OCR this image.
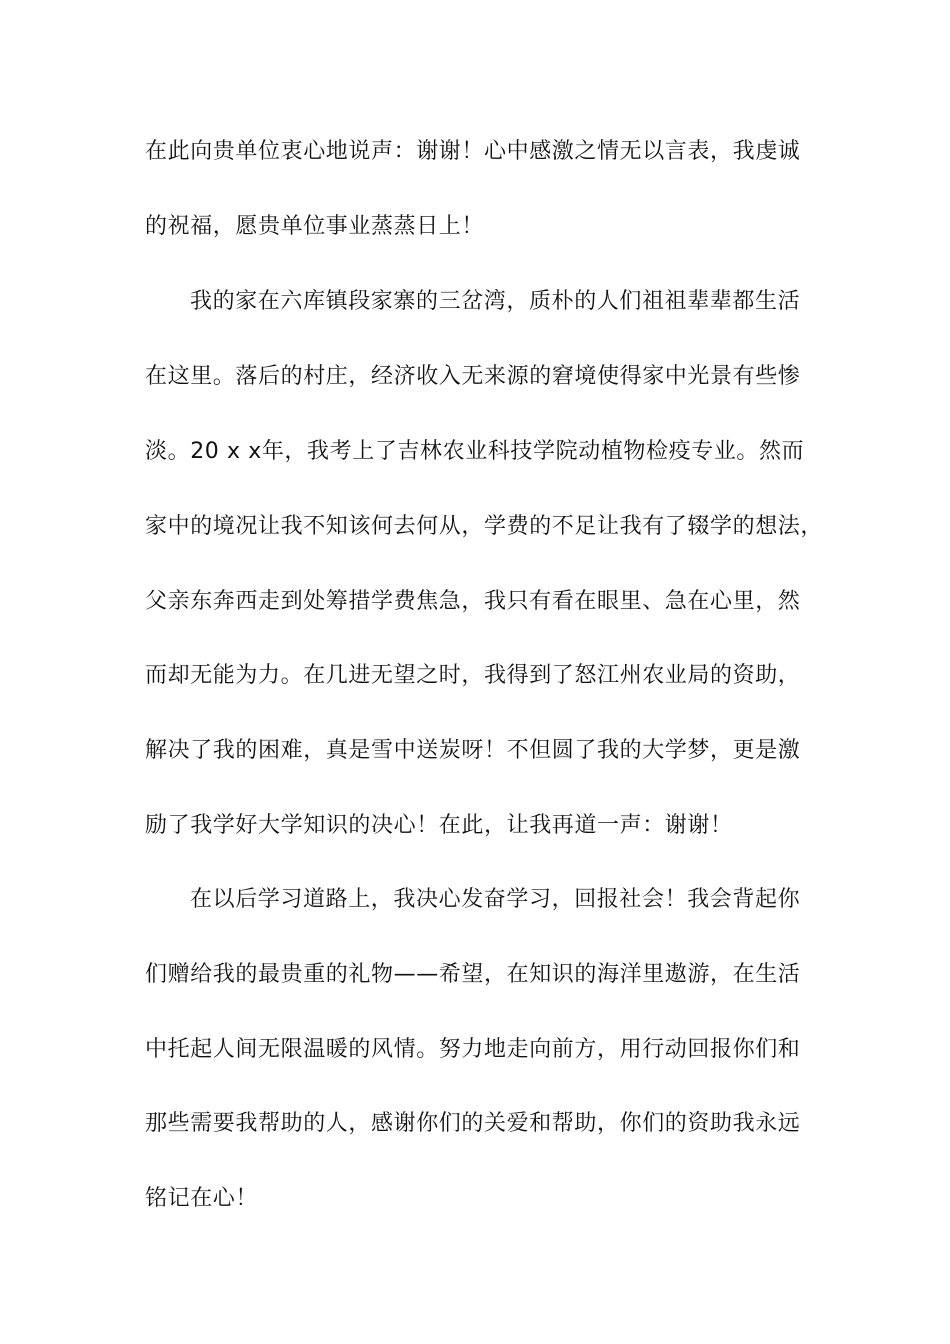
在此向贵单位衷心地说声：谢谢！心中感激之情无以言表，我虔诚
的祝福，愿贵单位事业蒸蒸日上！
我的家在六库镇段家寨的三岔湾，质朴的人们祖祖辈辈都生活
在这里。落后的村庄，经济收入无来源的窘境使得家中光景有些惨
淡。20 x x年，我考上了吉林农业科技学院动植物检疫专业。然而
家中的境况让我不知该何去何从，学费的不足让我有了辍学的想法，
父亲东奔西走到处筹措学费焦急，我只有看在眼里、急在心里，然
而却无能为力。在几进无望之时，我得到了怒江州农业局的资助，
解决了我的困难，真是雪中送炭呀！不但圆了我的大学梦，更是激
励了我学好大学知识的决心！在此，让我再道一声：谢谢！
在以后学习道路上，我决心发奋学习，回报社会！我会背起你
们赠给我的最贵重的礼物——希望，在知识的海洋里遨游，在生活
中托起人间无限温暖的风情。努力地走向前方，用行动回报你们和
那些需要我帮助的人，感谢你们的关爱和帮助，你们的资助我永远
铭记在心！
